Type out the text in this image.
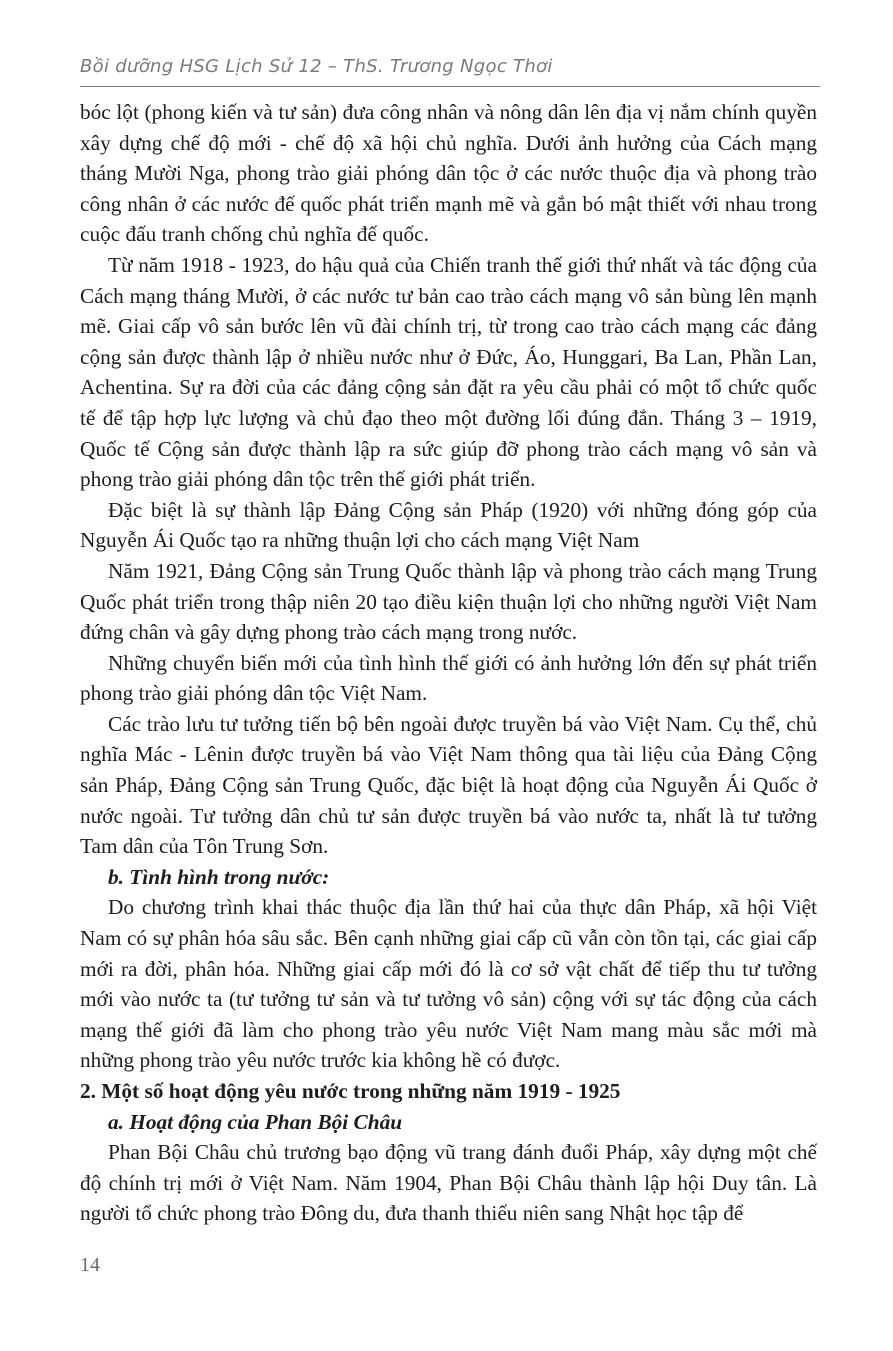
Bồi dưỡng HSG Lịch Sử 12 – ThS. Trương Ngọc Thơi

bóc lột (phong kiến và tư sản) đưa công nhân và nông dân lên địa vị nắm chính quyền xây dựng chế độ mới - chế độ xã hội chủ nghĩa. Dưới ảnh hưởng của Cách mạng tháng Mười Nga, phong trào giải phóng dân tộc ở các nước thuộc địa và phong trào công nhân ở các nước đế quốc phát triển mạnh mẽ và gắn bó mật thiết với nhau trong cuộc đấu tranh chống chủ nghĩa đế quốc.

Từ năm 1918 - 1923, do hậu quả của Chiến tranh thế giới thứ nhất và tác động của Cách mạng tháng Mười, ở các nước tư bản cao trào cách mạng vô sản bùng lên mạnh mẽ. Giai cấp vô sản bước lên vũ đài chính trị, từ trong cao trào cách mạng các đảng cộng sản được thành lập ở nhiều nước như ở Đức, Áo, Hunggari, Ba Lan, Phần Lan, Achentina. Sự ra đời của các đảng cộng sản đặt ra yêu cầu phải có một tổ chức quốc tế để tập hợp lực lượng và chủ đạo theo một đường lối đúng đắn. Tháng 3 – 1919, Quốc tế Cộng sản được thành lập ra sức giúp đỡ phong trào cách mạng vô sản và phong trào giải phóng dân tộc trên thế giới phát triển.

Đặc biệt là sự thành lập Đảng Cộng sản Pháp (1920) với những đóng góp của Nguyễn Ái Quốc tạo ra những thuận lợi cho cách mạng Việt Nam

Năm 1921, Đảng Cộng sản Trung Quốc thành lập và phong trào cách mạng Trung Quốc phát triển trong thập niên 20 tạo điều kiện thuận lợi cho những người Việt Nam đứng chân và gây dựng phong trào cách mạng trong nước.

Những chuyển biến mới của tình hình thế giới có ảnh hưởng lớn đến sự phát triển phong trào giải phóng dân tộc Việt Nam.

Các trào lưu tư tưởng tiến bộ bên ngoài được truyền bá vào Việt Nam. Cụ thể, chủ nghĩa Mác - Lênin được truyền bá vào Việt Nam thông qua tài liệu của Đảng Cộng sản Pháp, Đảng Cộng sản Trung Quốc, đặc biệt là hoạt động của Nguyễn Ái Quốc ở nước ngoài. Tư tưởng dân chủ tư sản được truyền bá vào nước ta, nhất là tư tưởng Tam dân của Tôn Trung Sơn.

b. Tình hình trong nước:

Do chương trình khai thác thuộc địa lần thứ hai của thực dân Pháp, xã hội Việt Nam có sự phân hóa sâu sắc. Bên cạnh những giai cấp cũ vẫn còn tồn tại, các giai cấp mới ra đời, phân hóa. Những giai cấp mới đó là cơ sở vật chất để tiếp thu tư tưởng mới vào nước ta (tư tưởng tư sản và tư tưởng vô sản) cộng với sự tác động của cách mạng thế giới đã làm cho phong trào yêu nước Việt Nam mang màu sắc mới mà những phong trào yêu nước trước kia không hề có được.

2. Một số hoạt động yêu nước trong những năm 1919 - 1925

a. Hoạt động của Phan Bội Châu

Phan Bội Châu chủ trương bạo động vũ trang đánh đuổi Pháp, xây dựng một chế độ chính trị mới ở Việt Nam. Năm 1904, Phan Bội Châu thành lập hội Duy tân. Là người tổ chức phong trào Đông du, đưa thanh thiếu niên sang Nhật học tập để

14
